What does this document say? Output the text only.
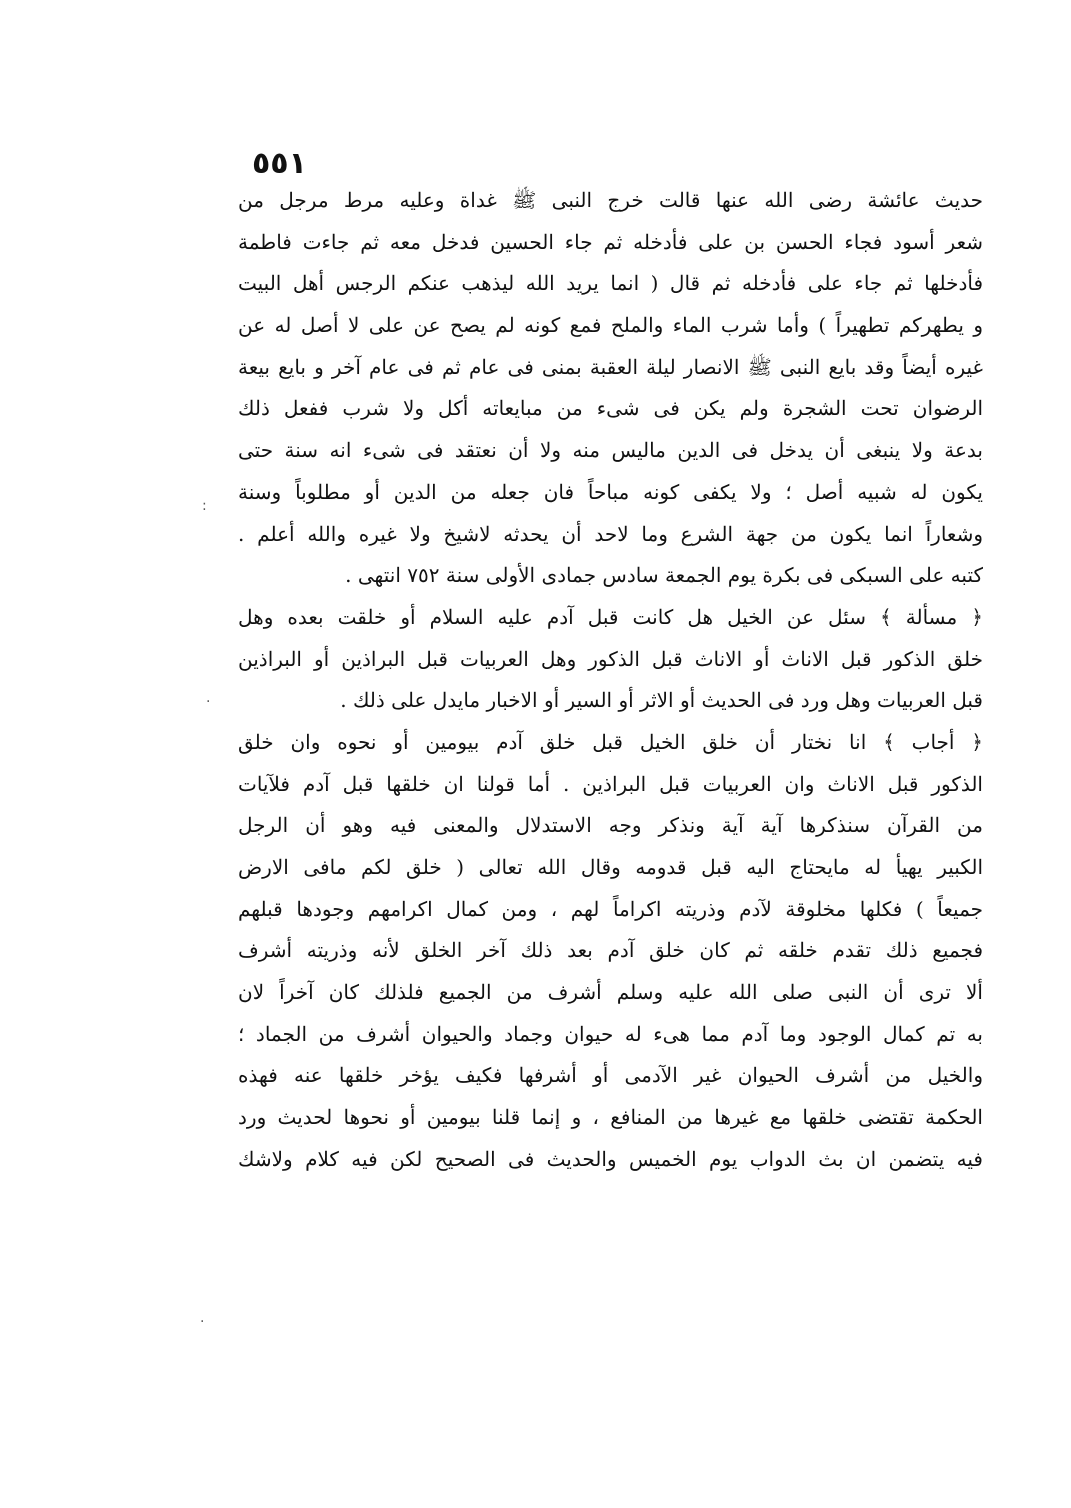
٥٥١
حديث عائشة رضى الله عنها قالت خرج النبى ﷺ غداة وعليه مرط مرجل من
شعر أسود فجاء الحسن بن على فأدخله ثم جاء الحسين فدخل معه ثم جاءت فاطمة
فأدخلها ثم جاء على فأدخله ثم قال ( انما يريد الله ليذهب عنكم الرجس أهل البيت
و يطهركم تطهيراً ) وأما شرب الماء والملح فمع كونه لم يصح عن على لا أصل له عن
غيره أيضاً وقد بايع النبى ﷺ الانصار ليلة العقبة بمنى فى عام ثم فى عام آخر و بايع بيعة
الرضوان تحت الشجرة ولم يكن فى شىء من مبايعاته أكل ولا شرب ففعل ذلك
بدعة ولا ينبغى أن يدخل فى الدين ماليس منه ولا أن نعتقد فى شىء انه سنة حتى
يكون له شبيه أصل ؛ ولا يكفى كونه مباحاً فان جعله من الدين أو مطلوباً وسنة
وشعاراً انما يكون من جهة الشرع وما لاحد أن يحدثه لاشيخ ولا غيره والله أعلم .
كتبه على السبكى فى بكرة يوم الجمعة سادس جمادى الأولى سنة ٧٥٢ انتهى .
﴿ مسألة ﴾ سئل عن الخيل هل كانت قبل آدم عليه السلام أو خلقت بعده وهل
خلق الذكور قبل الاناث أو الاناث قبل الذكور وهل العربيات قبل البراذين أو البراذين
قبل العربيات وهل ورد فى الحديث أو الاثر أو السير أو الاخبار مايدل على ذلك .
﴿ أجاب ﴾ انا نختار أن خلق الخيل قبل خلق آدم بيومين أو نحوه وان خلق
الذكور قبل الاناث وان العربيات قبل البراذين . أما قولنا ان خلقها قبل آدم فلآيات
من القرآن سنذكرها آية آية ونذكر وجه الاستدلال والمعنى فيه وهو أن الرجل
الكبير يهيأ له مايحتاج اليه قبل قدومه وقال الله تعالى ( خلق لكم مافى الارض
جميعاً ) فكلها مخلوقة لآدم وذريته اكراماً لهم ، ومن كمال اكرامهم وجودها قبلهم
فجميع ذلك تقدم خلقه ثم كان خلق آدم بعد ذلك آخر الخلق لأنه وذريته أشرف
ألا ترى أن النبى صلى الله عليه وسلم أشرف من الجميع فلذلك كان آخراً لان
به تم كمال الوجود وما آدم مما هىء له حيوان وجماد والحيوان أشرف من الجماد ؛
والخيل من أشرف الحيوان غير الآدمى أو أشرفها فكيف يؤخر خلقها عنه فهذه
الحكمة تقتضى خلقها مع غيرها من المنافع ، و إنما قلنا بيومين أو نحوها لحديث ورد
فيه يتضمن ان بث الدواب يوم الخميس والحديث فى الصحيح لكن فيه كلام ولاشك
:
.
.
